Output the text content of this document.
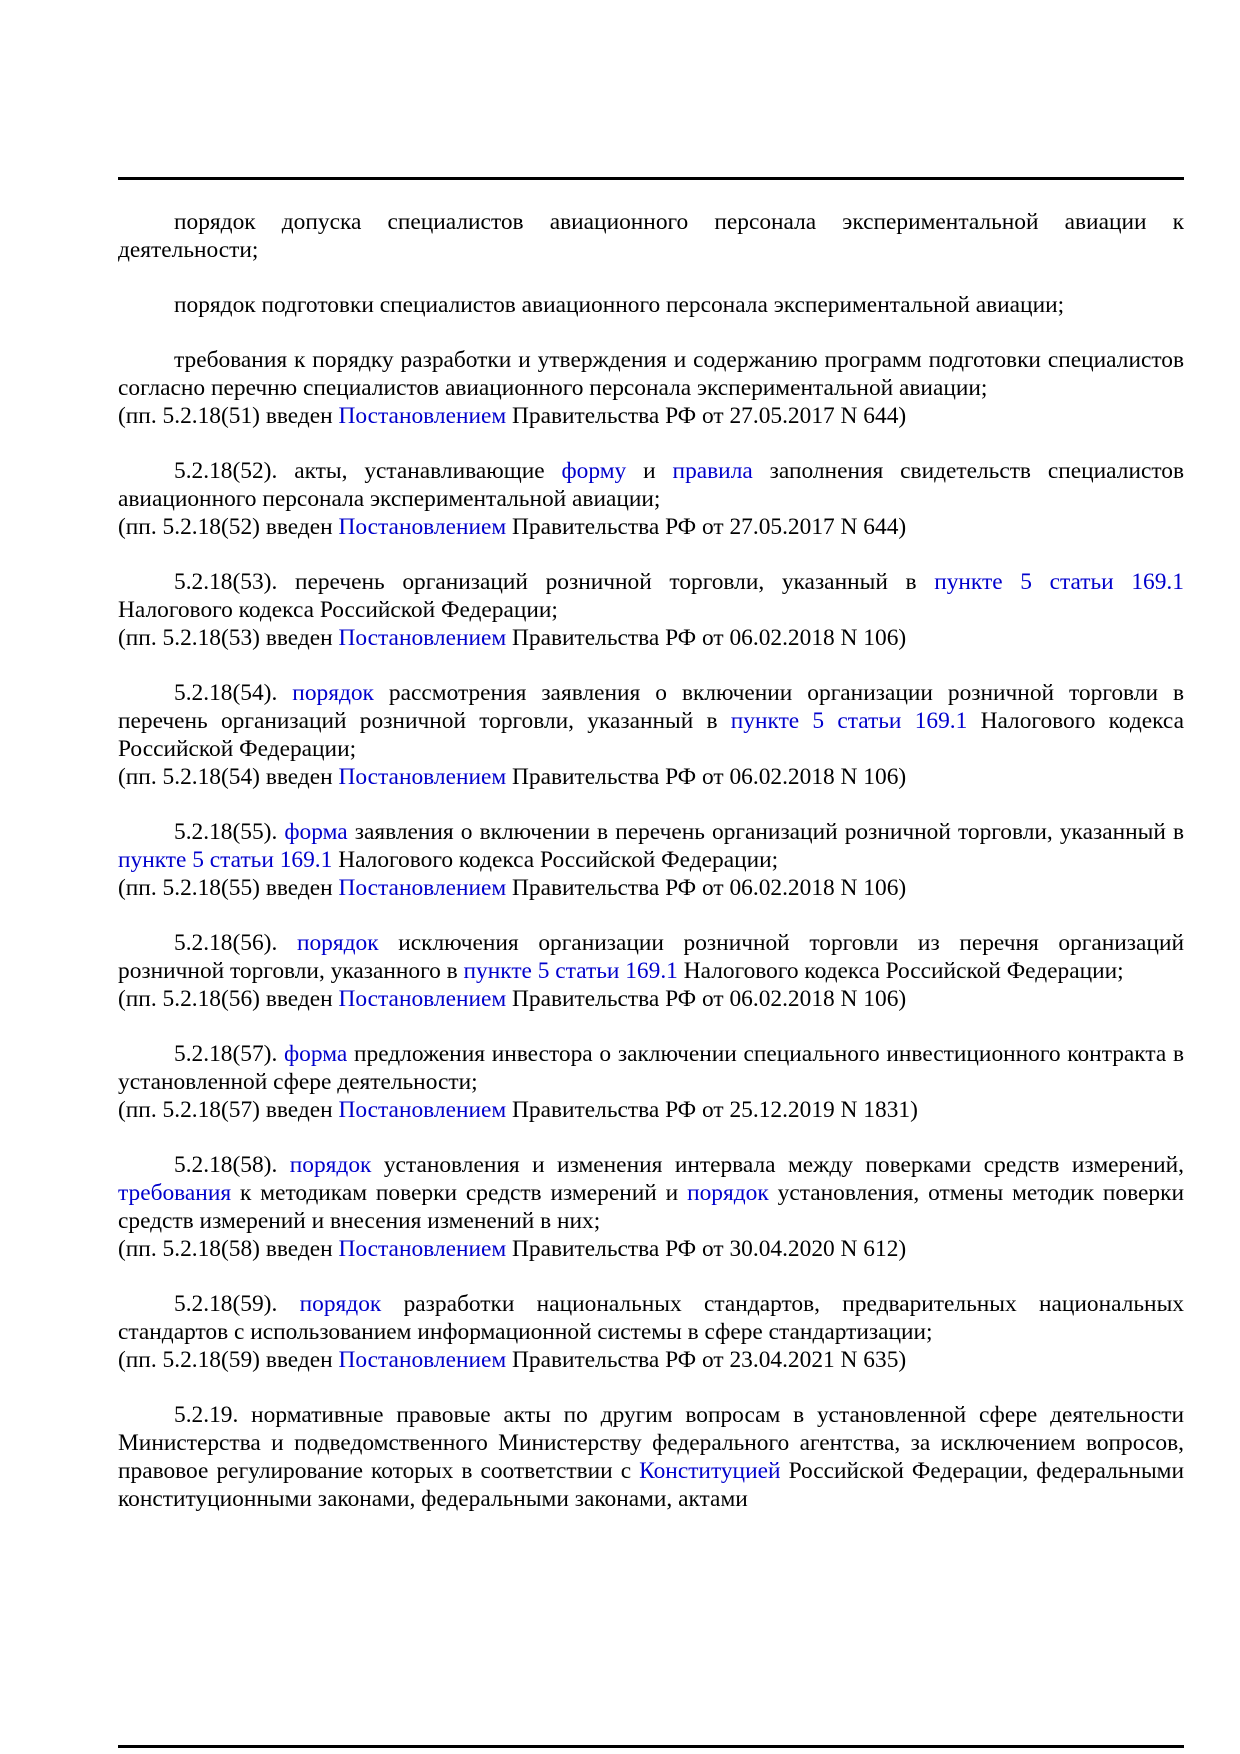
порядок допуска специалистов авиационного персонала экспериментальной авиации к деятельности;

порядок подготовки специалистов авиационного персонала экспериментальной авиации;

требования к порядку разработки и утверждения и содержанию программ подготовки специалистов согласно перечню специалистов авиационного персонала экспериментальной авиации;

(пп. 5.2.18(51) введен Постановлением Правительства РФ от 27.05.2017 N 644)

5.2.18(52). акты, устанавливающие форму и правила заполнения свидетельств специалистов авиационного персонала экспериментальной авиации;

(пп. 5.2.18(52) введен Постановлением Правительства РФ от 27.05.2017 N 644)

5.2.18(53). перечень организаций розничной торговли, указанный в пункте 5 статьи 169.1 Налогового кодекса Российской Федерации;

(пп. 5.2.18(53) введен Постановлением Правительства РФ от 06.02.2018 N 106)

5.2.18(54). порядок рассмотрения заявления о включении организации розничной торговли в перечень организаций розничной торговли, указанный в пункте 5 статьи 169.1 Налогового кодекса Российской Федерации;

(пп. 5.2.18(54) введен Постановлением Правительства РФ от 06.02.2018 N 106)

5.2.18(55). форма заявления о включении в перечень организаций розничной торговли, указанный в пункте 5 статьи 169.1 Налогового кодекса Российской Федерации;

(пп. 5.2.18(55) введен Постановлением Правительства РФ от 06.02.2018 N 106)

5.2.18(56). порядок исключения организации розничной торговли из перечня организаций розничной торговли, указанного в пункте 5 статьи 169.1 Налогового кодекса Российской Федерации;

(пп. 5.2.18(56) введен Постановлением Правительства РФ от 06.02.2018 N 106)

5.2.18(57). форма предложения инвестора о заключении специального инвестиционного контракта в установленной сфере деятельности;

(пп. 5.2.18(57) введен Постановлением Правительства РФ от 25.12.2019 N 1831)

5.2.18(58). порядок установления и изменения интервала между поверками средств измерений, требования к методикам поверки средств измерений и порядок установления, отмены методик поверки средств измерений и внесения изменений в них;

(пп. 5.2.18(58) введен Постановлением Правительства РФ от 30.04.2020 N 612)

5.2.18(59). порядок разработки национальных стандартов, предварительных национальных стандартов с использованием информационной системы в сфере стандартизации;

(пп. 5.2.18(59) введен Постановлением Правительства РФ от 23.04.2021 N 635)

5.2.19. нормативные правовые акты по другим вопросам в установленной сфере деятельности Министерства и подведомственного Министерству федерального агентства, за исключением вопросов, правовое регулирование которых в соответствии с Конституцией Российской Федерации, федеральными конституционными законами, федеральными законами, актами
